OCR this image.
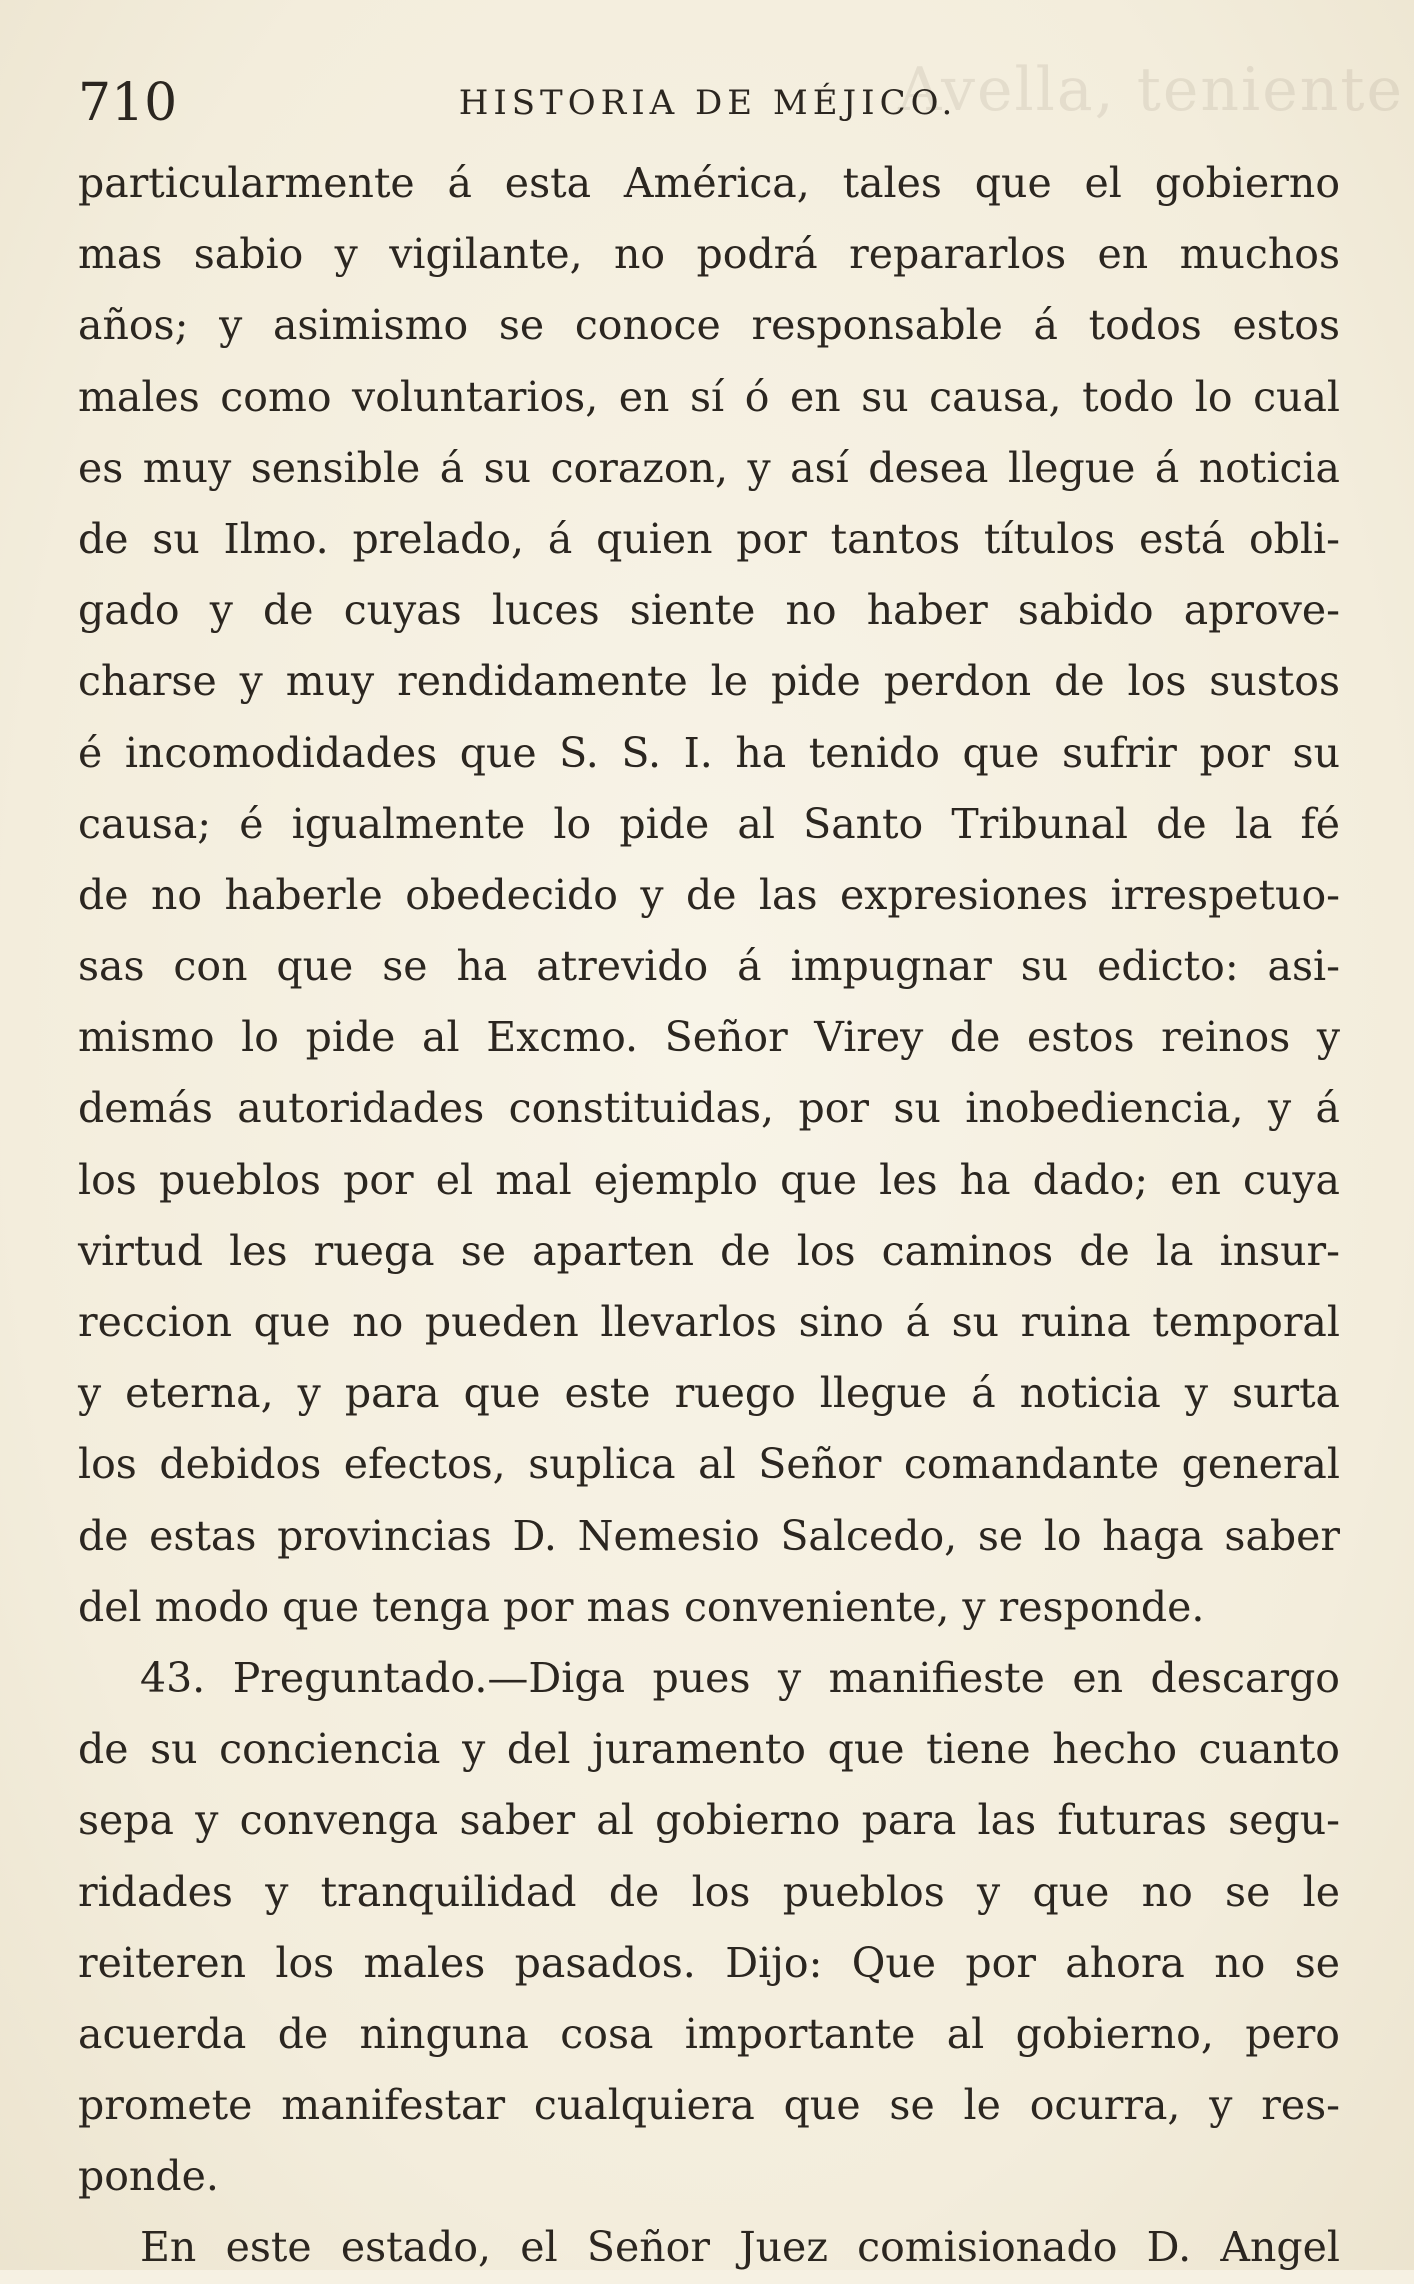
Avella, teniente
710	HISTORIA DE MÉJICO.
particularmente á esta América, tales que el gobierno
mas sabio y vigilante, no podrá repararlos en muchos
años; y asimismo se conoce responsable á todos estos
males como voluntarios, en sí ó en su causa, todo lo cual
es muy sensible á su corazon, y así desea llegue á noticia
de su Ilmo. prelado, á quien por tantos títulos está obli-
gado y de cuyas luces siente no haber sabido aprove-
charse y muy rendidamente le pide perdon de los sustos
é incomodidades que S. S. I. ha tenido que sufrir por su
causa; é igualmente lo pide al Santo Tribunal de la fé
de no haberle obedecido y de las expresiones irrespetuo-
sas con que se ha atrevido á impugnar su edicto: asi-
mismo lo pide al Excmo. Señor Virey de estos reinos y
demás autoridades constituidas, por su inobediencia, y á
los pueblos por el mal ejemplo que les ha dado; en cuya
virtud les ruega se aparten de los caminos de la insur-
reccion que no pueden llevarlos sino á su ruina temporal
y eterna, y para que este ruego llegue á noticia y surta
los debidos efectos, suplica al Señor comandante general
de estas provincias D. Nemesio Salcedo, se lo haga saber
del modo que tenga por mas conveniente, y responde.
43. Preguntado.—Diga pues y manifieste en descargo
de su conciencia y del juramento que tiene hecho cuanto
sepa y convenga saber al gobierno para las futuras segu-
ridades y tranquilidad de los pueblos y que no se le
reiteren los males pasados. Dijo: Que por ahora no se
acuerda de ninguna cosa importante al gobierno, pero
promete manifestar cualquiera que se le ocurra, y res-
ponde.
En este estado, el Señor Juez comisionado D. Angel
